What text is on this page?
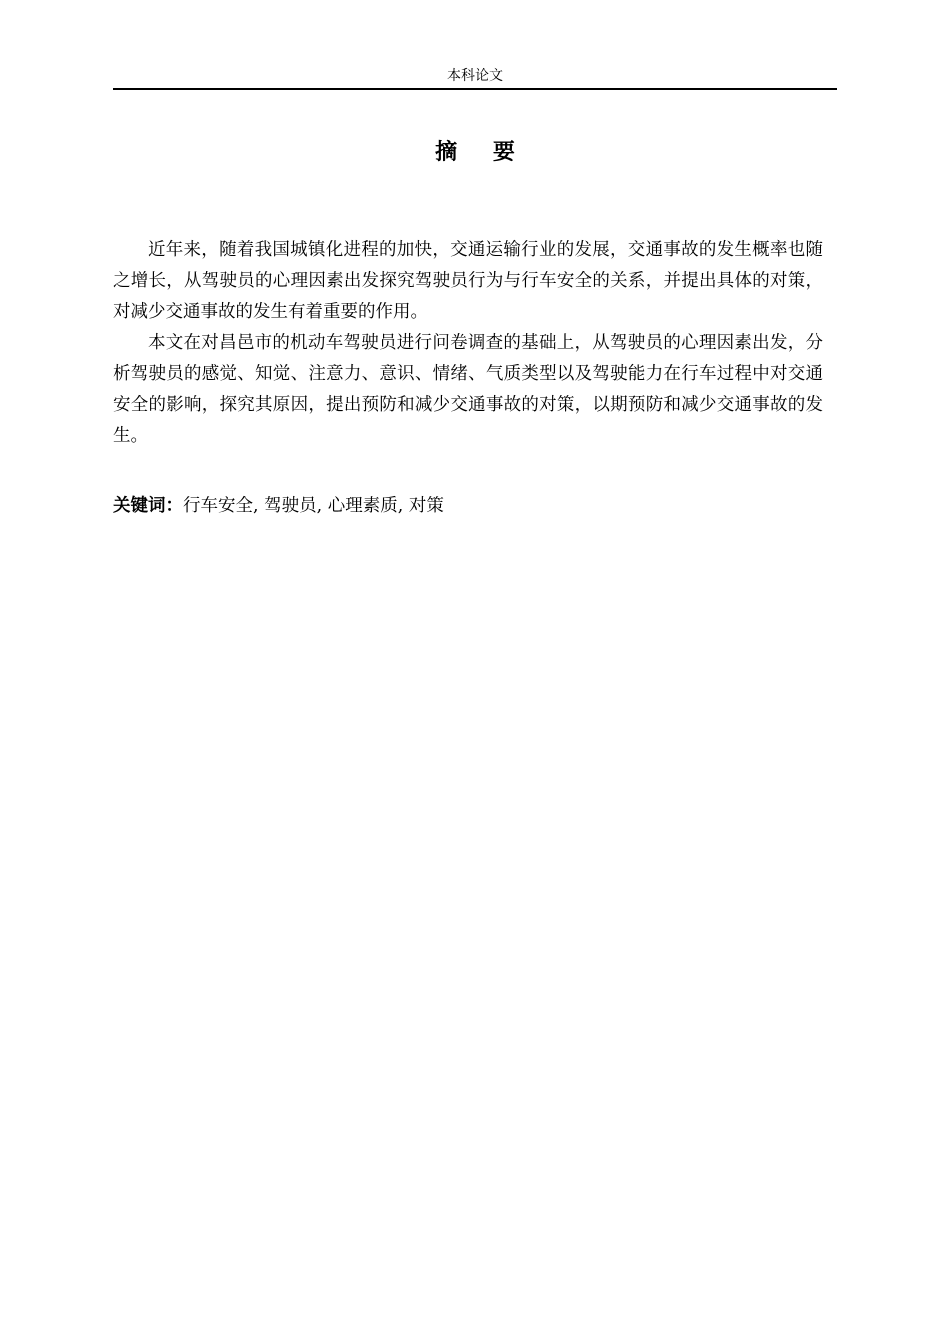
本科论文
摘 要

近年来，随着我国城镇化进程的加快，交通运输行业的发展，交通事故的发生概率也随之增长，从驾驶员的心理因素出发探究驾驶员行为与行车安全的关系，并提出具体的对策，对减少交通事故的发生有着重要的作用。

本文在对昌邑市的机动车驾驶员进行问卷调查的基础上，从驾驶员的心理因素出发，分析驾驶员的感觉、知觉、注意力、意识、情绪、气质类型以及驾驶能力在行车过程中对交通安全的影响，探究其原因，提出预防和减少交通事故的对策，以期预防和减少交通事故的发生。

关键词：行车安全, 驾驶员, 心理素质, 对策
